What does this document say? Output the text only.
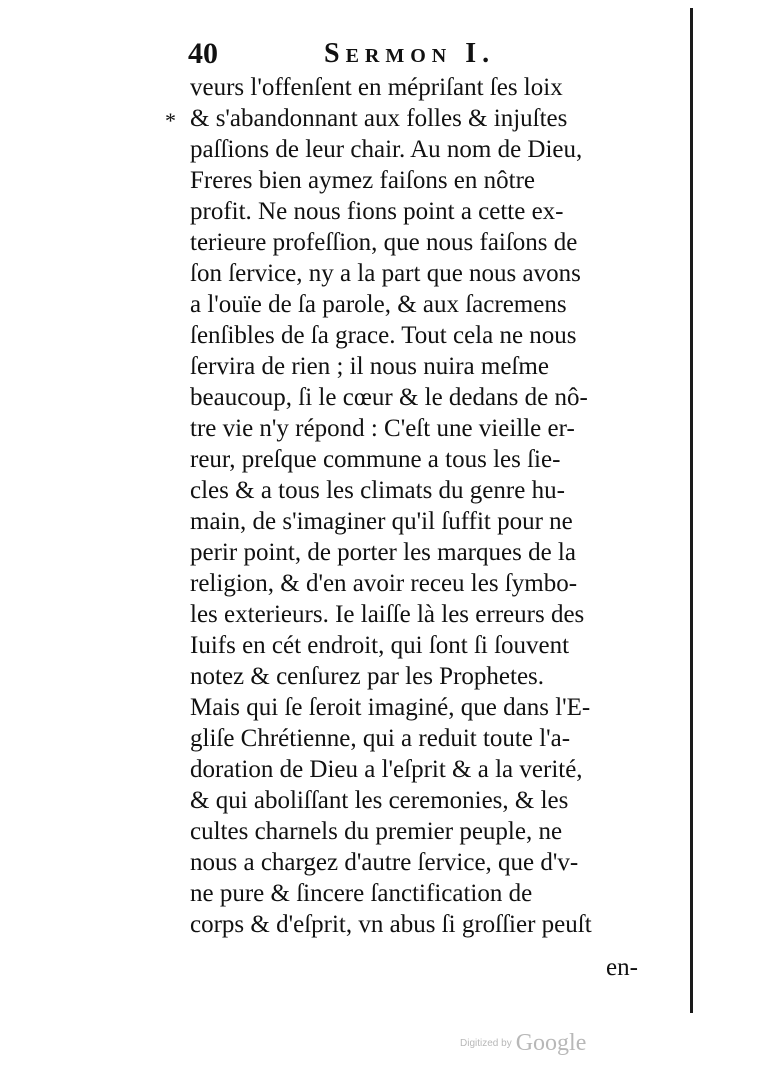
40	Sermon I.
*
veurs l'offenſent en mépriſant ſes loix
& s'abandonnant aux folles & injuſtes
paſſions de leur chair. Au nom de Dieu,
Freres bien aymez faiſons en nôtre
profit. Ne nous fions point a cette ex-
terieure profeſſion, que nous faiſons de
ſon ſervice, ny a la part que nous avons
a l'ouïe de ſa parole, & aux ſacremens
ſenſibles de ſa grace. Tout cela ne nous
ſervira de rien ; il nous nuira meſme
beaucoup, ſi le cœur & le dedans de nô-
tre vie n'y répond : C'eſt une vieille er-
reur, preſque commune a tous les ſie-
cles & a tous les climats du genre hu-
main, de s'imaginer qu'il ſuffit pour ne
perir point, de porter les marques de la
religion, & d'en avoir receu les ſymbo-
les exterieurs. Ie laiſſe là les erreurs des
Iuifs en cét endroit, qui ſont ſi ſouvent
notez & cenſurez par les Prophetes.
Mais qui ſe ſeroit imaginé, que dans l'E-
gliſe Chrétienne, qui a reduit toute l'a-
doration de Dieu a l'eſprit & a la verité,
& qui aboliſſant les ceremonies, & les
cultes charnels du premier peuple, ne
nous a chargez d'autre ſervice, que d'v-
ne pure & ſincere ſanctification de
corps & d'eſprit, vn abus ſi groſſier peuſt
en-
Digitized by Google
